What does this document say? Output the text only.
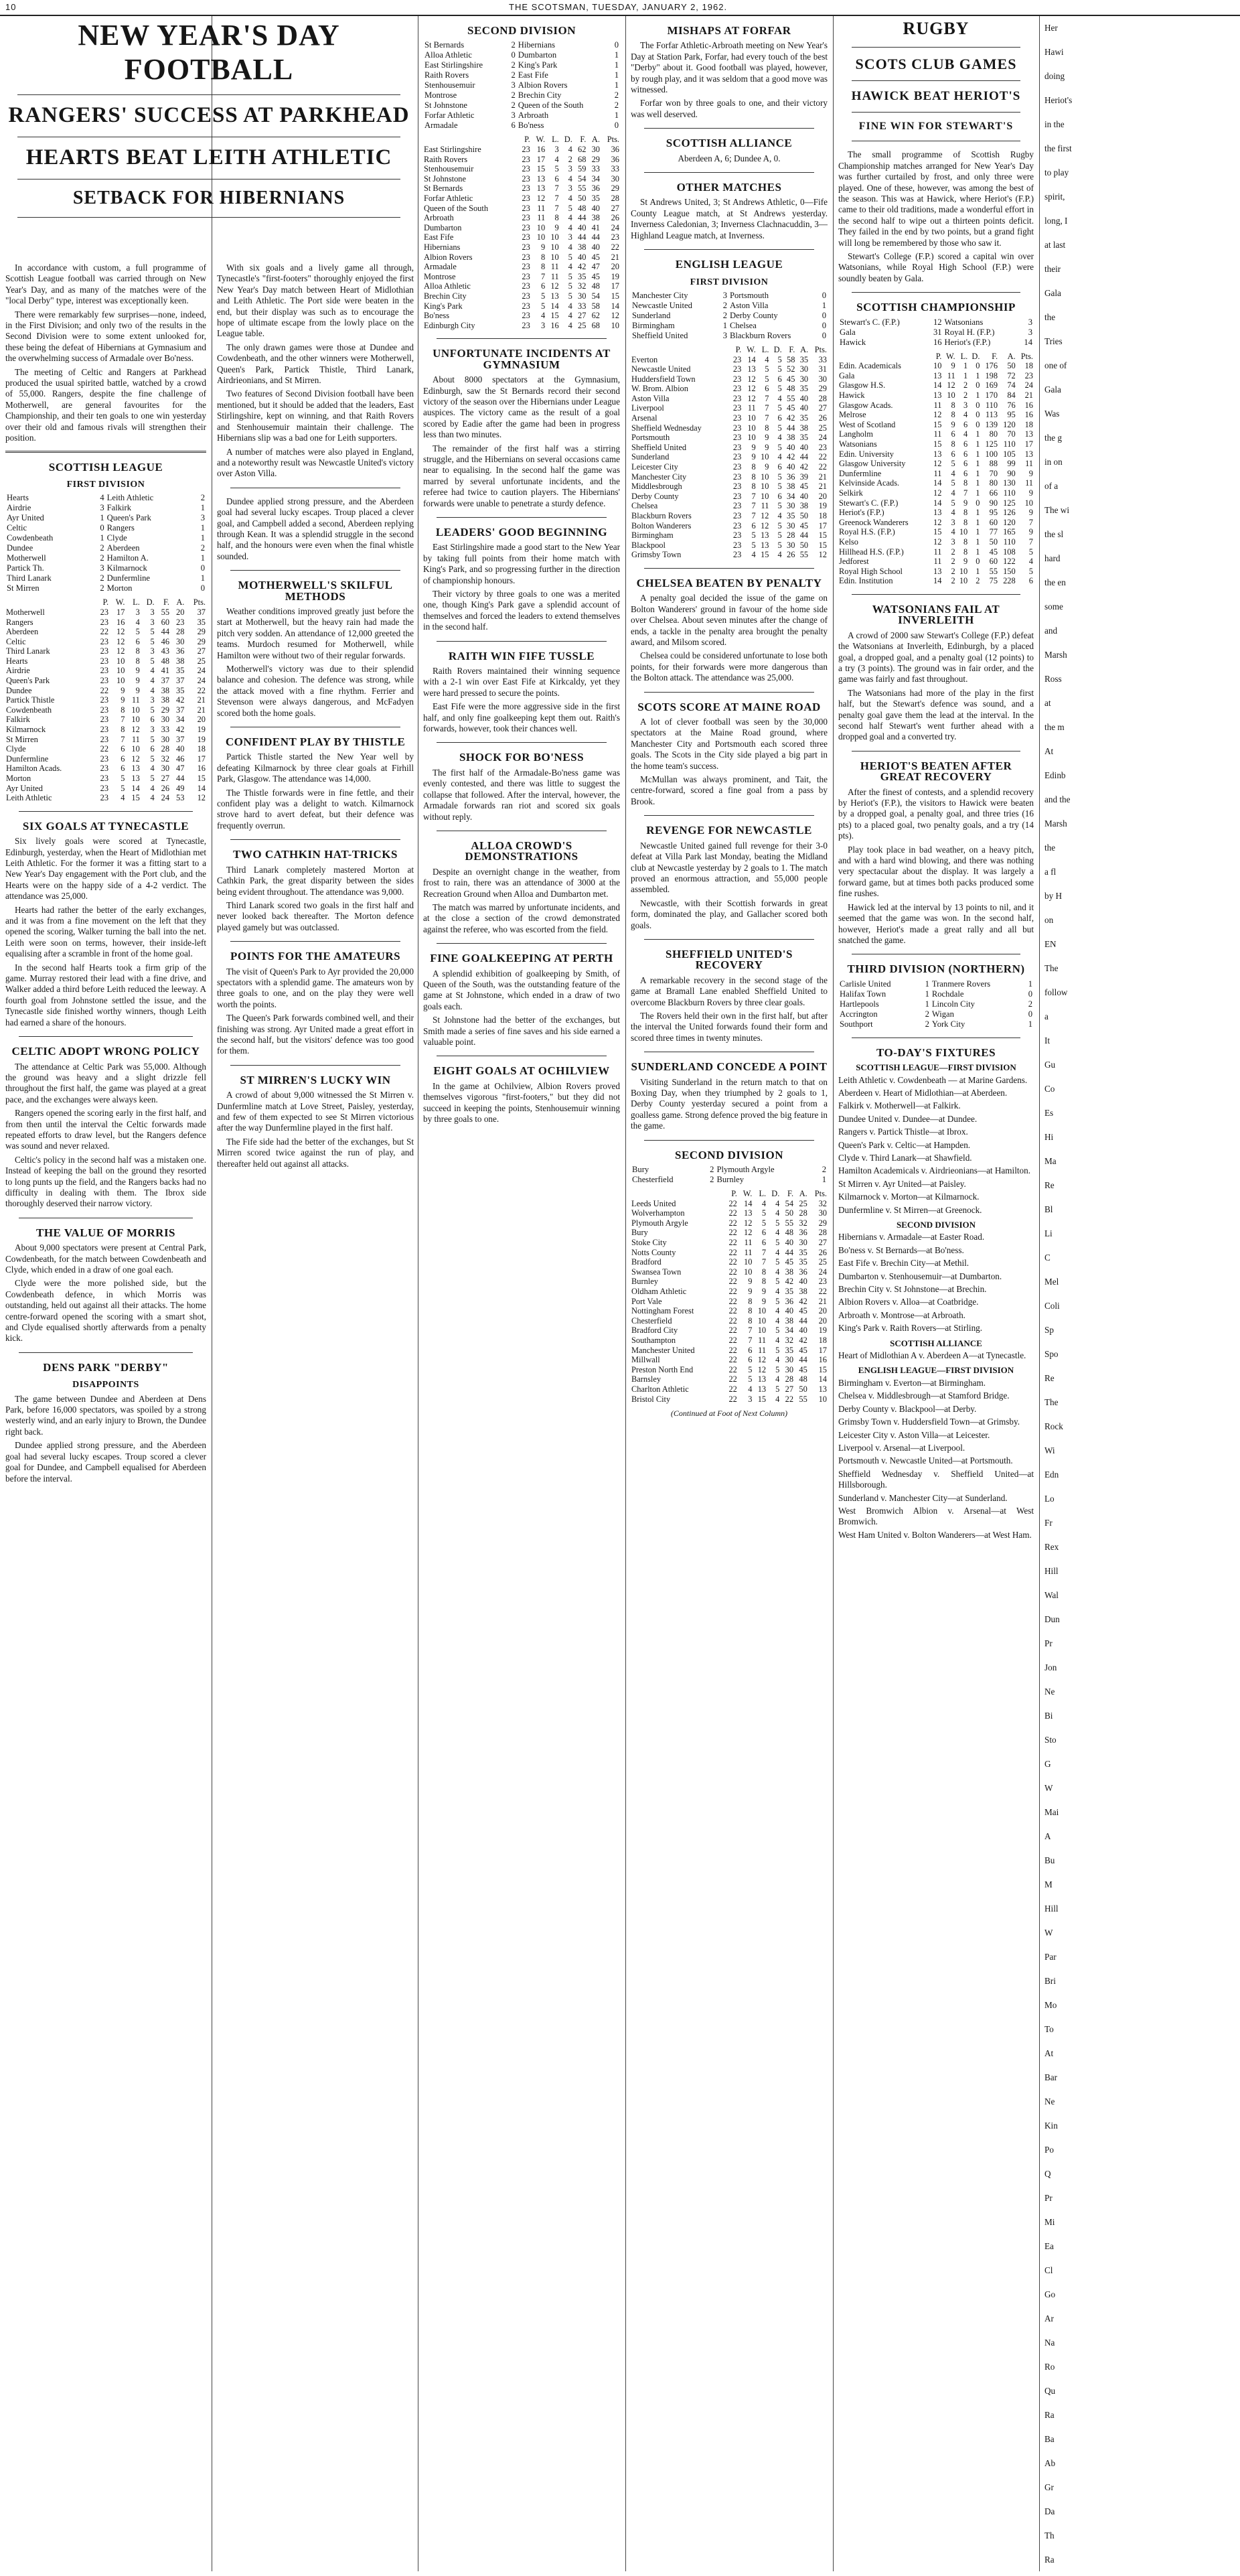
10	THE SCOTSMAN, TUESDAY, JANUARY 2, 1962.
NEW YEAR'S DAY FOOTBALL
RANGERS' SUCCESS AT PARKHEAD
HEARTS BEAT LEITH ATHLETIC
SETBACK FOR HIBERNIANS

In accordance with custom, a full programme of Scottish League football was carried through on New Year's Day, and as many of the matches were of the "local Derby" type, interest was exceptionally keen.

There were remarkably few surprises—none, indeed, in the First Division; and only two of the results in the Second Division were to some extent unlooked for, these being the defeat of Hibernians at Gymnasium and the overwhelming success of Armadale over Bo'ness.

The meeting of Celtic and Rangers at Parkhead produced the usual spirited battle, watched by a crowd of 55,000. Rangers, despite the fine challenge of Motherwell, are general favourites for the Championship, and their ten goals to one win yesterday over their old and famous rivals will strengthen their position.

SCOTTISH LEAGUE
FIRST DIVISION
Hearts	4	Leith Athletic	2
Airdrie	3	Falkirk	1
Ayr United	1	Queen's Park	3
Celtic	0	Rangers	1
Cowdenbeath	1	Clyde	1
Dundee	2	Aberdeen	2
Motherwell	2	Hamilton A.	1
Partick Th.	3	Kilmarnock	0
Third Lanark	2	Dunfermline	1
St Mirren	2	Morton	0
	P.	W.	L.	D.	F.	A.	Pts.
Motherwell	23	17	3	3	55	20	37
Rangers	23	16	4	3	60	23	35
Aberdeen	22	12	5	5	44	28	29
Celtic	23	12	6	5	46	30	29
Third Lanark	23	12	8	3	43	36	27
Hearts	23	10	8	5	48	38	25
Airdrie	23	10	9	4	41	35	24
Queen's Park	23	10	9	4	37	37	24
Dundee	22	9	9	4	38	35	22
Partick Thistle	23	9	11	3	38	42	21
Cowdenbeath	23	8	10	5	29	37	21
Falkirk	23	7	10	6	30	34	20
Kilmarnock	23	8	12	3	33	42	19
St Mirren	23	7	11	5	30	37	19
Clyde	22	6	10	6	28	40	18
Dunfermline	23	6	12	5	32	46	17
Hamilton Acads.	23	6	13	4	30	47	16
Morton	23	5	13	5	27	44	15
Ayr United	23	5	14	4	26	49	14
Leith Athletic	23	4	15	4	24	53	12
SIX GOALS AT TYNECASTLE

Six lively goals were scored at Tynecastle, Edinburgh, yesterday, when the Heart of Midlothian met Leith Athletic. For the former it was a fitting start to a New Year's Day engagement with the Port club, and the Hearts were on the happy side of a 4-2 verdict. The attendance was 25,000.

Hearts had rather the better of the early exchanges, and it was from a fine movement on the left that they opened the scoring, Walker turning the ball into the net. Leith were soon on terms, however, their inside-left equalising after a scramble in front of the home goal.

In the second half Hearts took a firm grip of the game. Murray restored their lead with a fine drive, and Walker added a third before Leith reduced the leeway. A fourth goal from Johnstone settled the issue, and the Tynecastle side finished worthy winners, though Leith had earned a share of the honours.

CELTIC ADOPT WRONG POLICY

The attendance at Celtic Park was 55,000. Although the ground was heavy and a slight drizzle fell throughout the first half, the game was played at a great pace, and the exchanges were always keen.

Rangers opened the scoring early in the first half, and from then until the interval the Celtic forwards made repeated efforts to draw level, but the Rangers defence was sound and never relaxed.

Celtic's policy in the second half was a mistaken one. Instead of keeping the ball on the ground they resorted to long punts up the field, and the Rangers backs had no difficulty in dealing with them. The Ibrox side thoroughly deserved their narrow victory.

THE VALUE OF MORRIS

About 9,000 spectators were present at Central Park, Cowdenbeath, for the match between Cowdenbeath and Clyde, which ended in a draw of one goal each.

Clyde were the more polished side, but the Cowdenbeath defence, in which Morris was outstanding, held out against all their attacks. The home centre-forward opened the scoring with a smart shot, and Clyde equalised shortly afterwards from a penalty kick.

DENS PARK "DERBY"
DISAPPOINTS

The game between Dundee and Aberdeen at Dens Park, before 16,000 spectators, was spoiled by a strong westerly wind, and an early injury to Brown, the Dundee right back.

Dundee applied strong pressure, and the Aberdeen goal had several lucky escapes. Troup scored a clever goal for Dundee, and Campbell equalised for Aberdeen before the interval.

With six goals and a lively game all through, Tynecastle's "first-footers" thoroughly enjoyed the first New Year's Day match between Heart of Midlothian and Leith Athletic. The Port side were beaten in the end, but their display was such as to encourage the hope of ultimate escape from the lowly place on the League table.

The only drawn games were those at Dundee and Cowdenbeath, and the other winners were Motherwell, Queen's Park, Partick Thistle, Third Lanark, Airdrieonians, and St Mirren.

Two features of Second Division football have been mentioned, but it should be added that the leaders, East Stirlingshire, kept on winning, and that Raith Rovers and Stenhousemuir maintain their challenge. The Hibernians slip was a bad one for Leith supporters.

A number of matches were also played in England, and a noteworthy result was Newcastle United's victory over Aston Villa.

Dundee applied strong pressure, and the Aberdeen goal had several lucky escapes. Troup placed a clever goal, and Campbell added a second, Aberdeen replying through Kean. It was a splendid struggle in the second half, and the honours were even when the final whistle sounded.

MOTHERWELL'S SKILFUL METHODS

Weather conditions improved greatly just before the start at Motherwell, but the heavy rain had made the pitch very sodden. An attendance of 12,000 greeted the teams. Murdoch resumed for Motherwell, while Hamilton were without two of their regular forwards.

Motherwell's victory was due to their splendid balance and cohesion. The defence was strong, while the attack moved with a fine rhythm. Ferrier and Stevenson were always dangerous, and McFadyen scored both the home goals.

CONFIDENT PLAY BY THISTLE

Partick Thistle started the New Year well by defeating Kilmarnock by three clear goals at Firhill Park, Glasgow. The attendance was 14,000.

The Thistle forwards were in fine fettle, and their confident play was a delight to watch. Kilmarnock strove hard to avert defeat, but their defence was frequently overrun.

TWO CATHKIN HAT-TRICKS

Third Lanark completely mastered Morton at Cathkin Park, the great disparity between the sides being evident throughout. The attendance was 9,000.

Third Lanark scored two goals in the first half and never looked back thereafter. The Morton defence played gamely but was outclassed.

POINTS FOR THE AMATEURS

The visit of Queen's Park to Ayr provided the 20,000 spectators with a splendid game. The amateurs won by three goals to one, and on the play they were well worth the points.

The Queen's Park forwards combined well, and their finishing was strong. Ayr United made a great effort in the second half, but the visitors' defence was too good for them.

ST MIRREN'S LUCKY WIN

A crowd of about 9,000 witnessed the St Mirren v. Dunfermline match at Love Street, Paisley, yesterday, and few of them expected to see St Mirren victorious after the way Dunfermline played in the first half.

The Fife side had the better of the exchanges, but St Mirren scored twice against the run of play, and thereafter held out against all attacks.

SECOND DIVISION
St Bernards	2	Hibernians	0
Alloa Athletic	0	Dumbarton	1
East Stirlingshire	2	King's Park	1
Raith Rovers	2	East Fife	1
Stenhousemuir	3	Albion Rovers	1
Montrose	2	Brechin City	2
St Johnstone	2	Queen of the South	2
Forfar Athletic	3	Arbroath	1
Armadale	6	Bo'ness	0
	P.	W.	L.	D.	F.	A.	Pts.
East Stirlingshire	23	16	3	4	62	30	36
Raith Rovers	23	17	4	2	68	29	36
Stenhousemuir	23	15	5	3	59	33	33
St Johnstone	23	13	6	4	54	34	30
St Bernards	23	13	7	3	55	36	29
Forfar Athletic	23	12	7	4	50	35	28
Queen of the South	23	11	7	5	48	40	27
Arbroath	23	11	8	4	44	38	26
Dumbarton	23	10	9	4	40	41	24
East Fife	23	10	10	3	44	44	23
Hibernians	23	9	10	4	38	40	22
Albion Rovers	23	8	10	5	40	45	21
Armadale	23	8	11	4	42	47	20
Montrose	23	7	11	5	35	45	19
Alloa Athletic	23	6	12	5	32	48	17
Brechin City	23	5	13	5	30	54	15
King's Park	23	5	14	4	33	58	14
Bo'ness	23	4	15	4	27	62	12
Edinburgh City	23	3	16	4	25	68	10
UNFORTUNATE INCIDENTS AT GYMNASIUM

About 8000 spectators at the Gymnasium, Edinburgh, saw the St Bernards record their second victory of the season over the Hibernians under League auspices. The victory came as the result of a goal scored by Eadie after the game had been in progress less than two minutes.

The remainder of the first half was a stirring struggle, and the Hibernians on several occasions came near to equalising. In the second half the game was marred by several unfortunate incidents, and the referee had twice to caution players. The Hibernians' forwards were unable to penetrate a sturdy defence.

LEADERS' GOOD BEGINNING

East Stirlingshire made a good start to the New Year by taking full points from their home match with King's Park, and so progressing further in the direction of championship honours.

Their victory by three goals to one was a merited one, though King's Park gave a splendid account of themselves and forced the leaders to extend themselves in the second half.

RAITH WIN FIFE TUSSLE

Raith Rovers maintained their winning sequence with a 2-1 win over East Fife at Kirkcaldy, yet they were hard pressed to secure the points.

East Fife were the more aggressive side in the first half, and only fine goalkeeping kept them out. Raith's forwards, however, took their chances well.

SHOCK FOR BO'NESS

The first half of the Armadale-Bo'ness game was evenly contested, and there was little to suggest the collapse that followed. After the interval, however, the Armadale forwards ran riot and scored six goals without reply.

ALLOA CROWD'S DEMONSTRATIONS

Despite an overnight change in the weather, from frost to rain, there was an attendance of 3000 at the Recreation Ground when Alloa and Dumbarton met.

The match was marred by unfortunate incidents, and at the close a section of the crowd demonstrated against the referee, who was escorted from the field.

FINE GOALKEEPING AT PERTH

A splendid exhibition of goalkeeping by Smith, of Queen of the South, was the outstanding feature of the game at St Johnstone, which ended in a draw of two goals each.

St Johnstone had the better of the exchanges, but Smith made a series of fine saves and his side earned a valuable point.

EIGHT GOALS AT OCHILVIEW

In the game at Ochilview, Albion Rovers proved themselves vigorous "first-footers," but they did not succeed in keeping the points, Stenhousemuir winning by three goals to one.

MISHAPS AT FORFAR

The Forfar Athletic-Arbroath meeting on New Year's Day at Station Park, Forfar, had every touch of the best "Derby" about it. Good football was played, however, by rough play, and it was seldom that a good move was witnessed.

Forfar won by three goals to one, and their victory was well deserved.

SCOTTISH ALLIANCE

Aberdeen A, 6; Dundee A, 0.

OTHER MATCHES

St Andrews United, 3; St Andrews Athletic, 0—Fife County League match, at St Andrews yesterday. Inverness Caledonian, 3; Inverness Clachnacuddin, 3—Highland League match, at Inverness.

ENGLISH LEAGUE
FIRST DIVISION
Manchester City	3	Portsmouth	0
Newcastle United	2	Aston Villa	1
Sunderland	2	Derby County	0
Birmingham	1	Chelsea	0
Sheffield United	3	Blackburn Rovers	0
	P.	W.	L.	D.	F.	A.	Pts.
Everton	23	14	4	5	58	35	33
Newcastle United	23	13	5	5	52	30	31
Huddersfield Town	23	12	5	6	45	30	30
W. Brom. Albion	23	12	6	5	48	35	29
Aston Villa	23	12	7	4	55	40	28
Liverpool	23	11	7	5	45	40	27
Arsenal	23	10	7	6	42	35	26
Sheffield Wednesday	23	10	8	5	44	38	25
Portsmouth	23	10	9	4	38	35	24
Sheffield United	23	9	9	5	40	40	23
Sunderland	23	9	10	4	42	44	22
Leicester City	23	8	9	6	40	42	22
Manchester City	23	8	10	5	36	39	21
Middlesbrough	23	8	10	5	38	45	21
Derby County	23	7	10	6	34	40	20
Chelsea	23	7	11	5	30	38	19
Blackburn Rovers	23	7	12	4	35	50	18
Bolton Wanderers	23	6	12	5	30	45	17
Birmingham	23	5	13	5	28	44	15
Blackpool	23	5	13	5	30	50	15
Grimsby Town	23	4	15	4	26	55	12
CHELSEA BEATEN BY PENALTY

A penalty goal decided the issue of the game on Bolton Wanderers' ground in favour of the home side over Chelsea. About seven minutes after the change of ends, a tackle in the penalty area brought the penalty award, and Milsom scored.

Chelsea could be considered unfortunate to lose both points, for their forwards were more dangerous than the Bolton attack. The attendance was 25,000.

SCOTS SCORE AT MAINE ROAD

A lot of clever football was seen by the 30,000 spectators at the Maine Road ground, where Manchester City and Portsmouth each scored three goals. The Scots in the City side played a big part in the home team's success.

McMullan was always prominent, and Tait, the centre-forward, scored a fine goal from a pass by Brook.

REVENGE FOR NEWCASTLE

Newcastle United gained full revenge for their 3-0 defeat at Villa Park last Monday, beating the Midland club at Newcastle yesterday by 2 goals to 1. The match proved an enormous attraction, and 55,000 people assembled.

Newcastle, with their Scottish forwards in great form, dominated the play, and Gallacher scored both goals.

SHEFFIELD UNITED'S RECOVERY

A remarkable recovery in the second stage of the game at Bramall Lane enabled Sheffield United to overcome Blackburn Rovers by three clear goals.

The Rovers held their own in the first half, but after the interval the United forwards found their form and scored three times in twenty minutes.

SUNDERLAND CONCEDE A POINT

Visiting Sunderland in the return match to that on Boxing Day, when they triumphed by 2 goals to 1, Derby County yesterday secured a point from a goalless game. Strong defence proved the big feature in the game.

SECOND DIVISION
Bury	2	Plymouth Argyle	2
Chesterfield	2	Burnley	1
	P.	W.	L.	D.	F.	A.	Pts.
Leeds United	22	14	4	4	54	25	32
Wolverhampton	22	13	5	4	50	28	30
Plymouth Argyle	22	12	5	5	55	32	29
Bury	22	12	6	4	48	36	28
Stoke City	22	11	6	5	40	30	27
Notts County	22	11	7	4	44	35	26
Bradford	22	10	7	5	45	35	25
Swansea Town	22	10	8	4	38	36	24
Burnley	22	9	8	5	42	40	23
Oldham Athletic	22	9	9	4	35	38	22
Port Vale	22	8	9	5	36	42	21
Nottingham Forest	22	8	10	4	40	45	20
Chesterfield	22	8	10	4	38	44	20
Bradford City	22	7	10	5	34	40	19
Southampton	22	7	11	4	32	42	18
Manchester United	22	6	11	5	35	45	17
Millwall	22	6	12	4	30	44	16
Preston North End	22	5	12	5	30	45	15
Barnsley	22	5	13	4	28	48	14
Charlton Athletic	22	4	13	5	27	50	13
Bristol City	22	3	15	4	22	55	10
(Continued at Foot of Next Column)
RUGBY
SCOTS CLUB GAMES
HAWICK BEAT HERIOT'S
FINE WIN FOR STEWART'S

The small programme of Scottish Rugby Championship matches arranged for New Year's Day was further curtailed by frost, and only three were played. One of these, however, was among the best of the season. This was at Hawick, where Heriot's (F.P.) came to their old traditions, made a wonderful effort in the second half to wipe out a thirteen points deficit. They failed in the end by two points, but a grand fight will long be remembered by those who saw it.

Stewart's College (F.P.) scored a capital win over Watsonians, while Royal High School (F.P.) were soundly beaten by Gala.

SCOTTISH CHAMPIONSHIP
Stewart's C. (F.P.)	12	Watsonians	3
Gala	31	Royal H. (F.P.)	3
Hawick	16	Heriot's (F.P.)	14
	P.	W.	L.	D.	F.	A.	Pts.
Edin. Academicals	10	9	1	0	176	50	18
Gala	13	11	1	1	198	72	23
Glasgow H.S.	14	12	2	0	169	74	24
Hawick	13	10	2	1	170	84	21
Glasgow Acads.	11	8	3	0	110	76	16
Melrose	12	8	4	0	113	95	16
West of Scotland	15	9	6	0	139	120	18
Langholm	11	6	4	1	80	70	13
Watsonians	15	8	6	1	125	110	17
Edin. University	13	6	6	1	100	105	13
Glasgow University	12	5	6	1	88	99	11
Dunfermline	11	4	6	1	70	90	9
Kelvinside Acads.	14	5	8	1	80	130	11
Selkirk	12	4	7	1	66	110	9
Stewart's C. (F.P.)	14	5	9	0	90	125	10
Heriot's (F.P.)	13	4	8	1	95	126	9
Greenock Wanderers	12	3	8	1	60	120	7
Royal H.S. (F.P.)	15	4	10	1	77	165	9
Kelso	12	3	8	1	50	110	7
Hillhead H.S. (F.P.)	11	2	8	1	45	108	5
Jedforest	11	2	9	0	60	122	4
Royal High School	13	2	10	1	55	150	5
Edin. Institution	14	2	10	2	75	228	6
WATSONIANS FAIL AT INVERLEITH

A crowd of 2000 saw Stewart's College (F.P.) defeat the Watsonians at Inverleith, Edinburgh, by a placed goal, a dropped goal, and a penalty goal (12 points) to a try (3 points). The ground was in fair order, and the game was fairly and fast throughout.

The Watsonians had more of the play in the first half, but the Stewart's defence was sound, and a penalty goal gave them the lead at the interval. In the second half Stewart's went further ahead with a dropped goal and a converted try.

HERIOT'S BEATEN AFTER GREAT RECOVERY

After the finest of contests, and a splendid recovery by Heriot's (F.P.), the visitors to Hawick were beaten by a dropped goal, a penalty goal, and three tries (16 pts) to a placed goal, two penalty goals, and a try (14 pts).

Play took place in bad weather, on a heavy pitch, and with a hard wind blowing, and there was nothing very spectacular about the display. It was largely a forward game, but at times both packs produced some fine rushes.

Hawick led at the interval by 13 points to nil, and it seemed that the game was won. In the second half, however, Heriot's made a great rally and all but snatched the game.

THIRD DIVISION (NORTHERN)
Carlisle United	1	Tranmere Rovers	1
Halifax Town	1	Rochdale	0
Hartlepools	1	Lincoln City	2
Accrington	2	Wigan	0
Southport	2	York City	1
TO-DAY'S FIXTURES
SCOTTISH LEAGUE—FIRST DIVISION

Leith Athletic v. Cowdenbeath — at Marine Gardens.

Aberdeen v. Heart of Midlothian—at Aberdeen.

Falkirk v. Motherwell—at Falkirk.

Dundee United v. Dundee—at Dundee.

Rangers v. Partick Thistle—at Ibrox.

Queen's Park v. Celtic—at Hampden.

Clyde v. Third Lanark—at Shawfield.

Hamilton Academicals v. Airdrieonians—at Hamilton.

St Mirren v. Ayr United—at Paisley.

Kilmarnock v. Morton—at Kilmarnock.

Dunfermline v. St Mirren—at Greenock.

SECOND DIVISION

Hibernians v. Armadale—at Easter Road.

Bo'ness v. St Bernards—at Bo'ness.

East Fife v. Brechin City—at Methil.

Dumbarton v. Stenhousemuir—at Dumbarton.

Brechin City v. St Johnstone—at Brechin.

Albion Rovers v. Alloa—at Coatbridge.

Arbroath v. Montrose—at Arbroath.

King's Park v. Raith Rovers—at Stirling.

SCOTTISH ALLIANCE

Heart of Midlothian A v. Aberdeen A—at Tynecastle.

ENGLISH LEAGUE—FIRST DIVISION

Birmingham v. Everton—at Birmingham.

Chelsea v. Middlesbrough—at Stamford Bridge.

Derby County v. Blackpool—at Derby.

Grimsby Town v. Huddersfield Town—at Grimsby.

Leicester City v. Aston Villa—at Leicester.

Liverpool v. Arsenal—at Liverpool.

Portsmouth v. Newcastle United—at Portsmouth.

Sheffield Wednesday v. Sheffield United—at Hillsborough.

Sunderland v. Manchester City—at Sunderland.

West Bromwich Albion v. Arsenal—at West Bromwich.

West Ham United v. Bolton Wanderers—at West Ham.

Her
Hawi
doing
Heriot's
in the
the first
to play
spirit,
long, I
at last
their
Gala
the
Tries
one of
Gala
Was
the g
in on
of a
The wi
the sl
hard
the en
some
and
Marsh
Ross
at
the m
At
Edinb
and the
Marsh
the
a fl
by H
on
EN
The
follow
a
It
Gu
Co
Es
Hi
Ma
Re
Bl
Li
C
Mel
Coli
Sp
Spo
Re
The
Rock
Wi
Edn
Lo
Fr
Rex
Hill
Wal
Dun
Pr
Jon
Ne
Bi
Sto
G
W
Mai
A
Bu
M
Hill
W
Par
Bri
Mo
To
At
Bar
Ne
Kin
Po
Q
Pr
Mi
Ea
Cl
Go
Ar
Na
Ro
Qu
Ra
Ba
Ab
Gr
Da
Th
Ra
